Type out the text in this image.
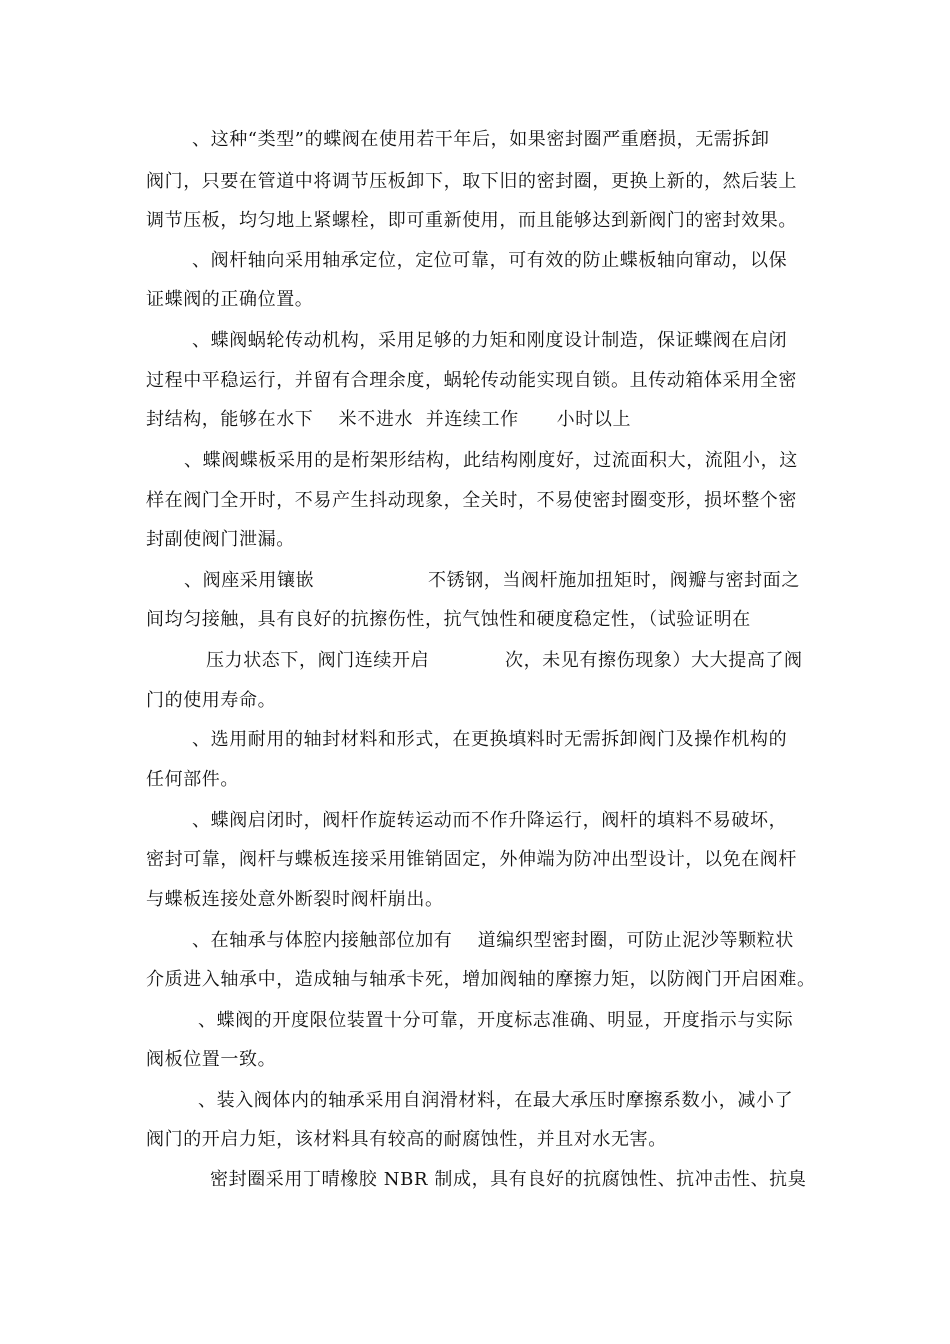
、这种“类型”的蝶阀在使用若干年后，如果密封圈严重磨损，无需拆卸
阀门，只要在管道中将调节压板卸下，取下旧的密封圈，更换上新的，然后装上
调节压板，均匀地上紧螺栓，即可重新使用，而且能够达到新阀门的密封效果。
、阀杆轴向采用轴承定位，定位可靠，可有效的防止蝶板轴向窜动，以保
证蝶阀的正确位置。
、蝶阀蜗轮传动机构，采用足够的力矩和刚度设计制造，保证蝶阀在启闭
过程中平稳运行，并留有合理余度，蜗轮传动能实现自锁。且传动箱体采用全密
封结构，能够在水下    米不进水  并连续工作      小时以上
、蝶阀蝶板采用的是桁架形结构，此结构刚度好，过流面积大，流阻小，这
样在阀门全开时，不易产生抖动现象，全关时，不易使密封圈变形，损坏整个密
封副使阀门泄漏。
、阀座采用镶嵌                  不锈钢，当阀杆施加扭矩时，阀瓣与密封面之
间均匀接触，具有良好的抗擦伤性，抗气蚀性和硬度稳定性，（试验证明在
压力状态下，阀门连续开启            次，未见有擦伤现象）大大提高了阀
门的使用寿命。
、选用耐用的轴封材料和形式，在更换填料时无需拆卸阀门及操作机构的
任何部件。
、蝶阀启闭时，阀杆作旋转运动而不作升降运行，阀杆的填料不易破坏，
密封可靠，阀杆与蝶板连接采用锥销固定，外伸端为防冲出型设计，以免在阀杆
与蝶板连接处意外断裂时阀杆崩出。
、在轴承与体腔内接触部位加有    道编织型密封圈，可防止泥沙等颗粒状
介质进入轴承中，造成轴与轴承卡死，增加阀轴的摩擦力矩，以防阀门开启困难。
、蝶阀的开度限位装置十分可靠，开度标志准确、明显，开度指示与实际
阀板位置一致。
、装入阀体内的轴承采用自润滑材料，在最大承压时摩擦系数小，减小了
阀门的开启力矩，该材料具有较高的耐腐蚀性，并且对水无害。
密封圈采用丁晴橡胶 NBR 制成，具有良好的抗腐蚀性、抗冲击性、抗臭
